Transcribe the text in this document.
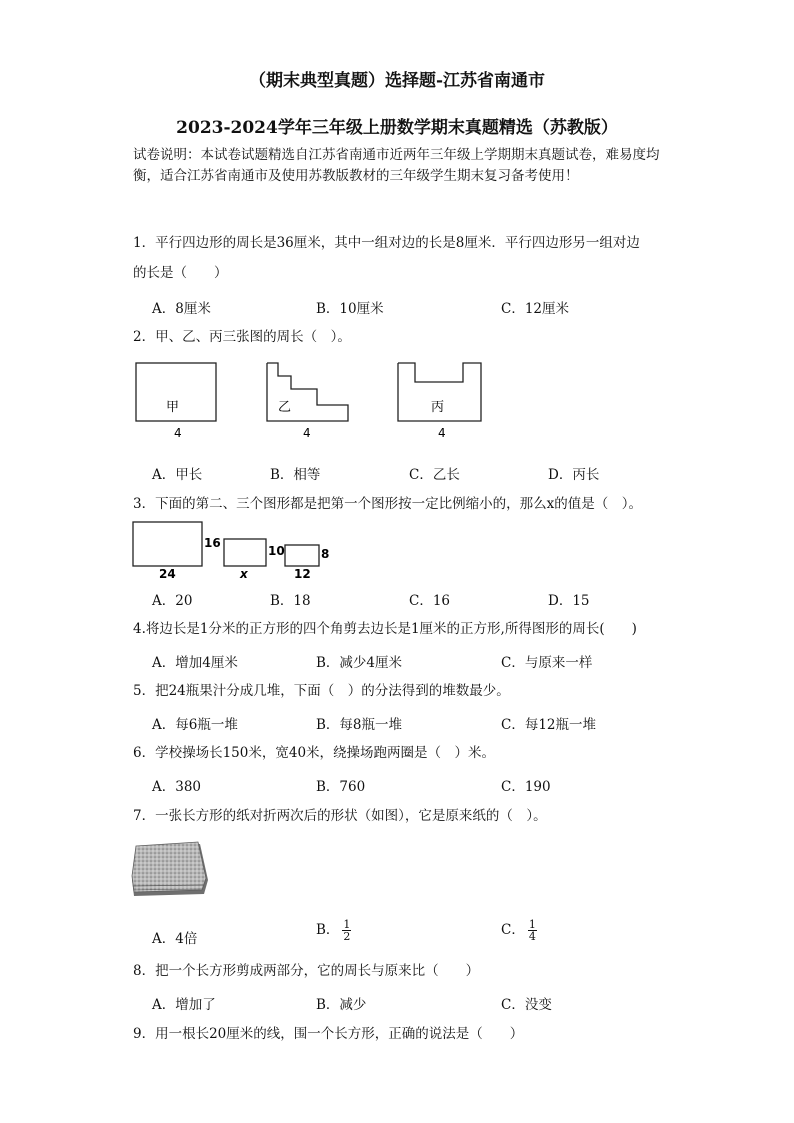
（期末典型真题）选择题-江苏省南通市
2023-2024学年三年级上册数学期末真题精选（苏教版）
试卷说明：本试卷试题精选自江苏省南通市近两年三年级上学期期末真题试卷，难易度均衡，适合江苏省南通市及使用苏教版教材的三年级学生期末复习备考使用！
1．平行四边形的周长是36厘米，其中一组对边的长是8厘米．平行四边形另一组对边
的长是（　　）
A．8厘米	B．10厘米	C．12厘米
2．甲、乙、丙三张图的周长（　）。
甲
4
乙
4
丙
4
A．甲长	B．相等	C．乙长	D．丙长
3．下面的第二、三个图形都是把第一个图形按一定比例缩小的，那么x的值是（　）。
16
24
10
x
8
12
A．20	B．18	C．16	D．15
4.将边长是1分米的正方形的四个角剪去边长是1厘米的正方形,所得图形的周长(　　)
A．增加4厘米	B．减少4厘米	C．与原来一样
5．把24瓶果汁分成几堆，下面（　）的分法得到的堆数最少。
A．每6瓶一堆	B．每8瓶一堆	C．每12瓶一堆
6．学校操场长150米，宽40米，绕操场跑两圈是（　）米。
A．380	B．760	C．190
7．一张长方形的纸对折两次后的形状（如图），它是原来纸的（　）。
A．4倍
B． $\frac{1}{2}$	C． $\frac{1}{4}$
8．把一个长方形剪成两部分，它的周长与原来比（　　）
A．增加了	B．减少	C．没变
9．用一根长20厘米的线，围一个长方形，正确的说法是（　　）
